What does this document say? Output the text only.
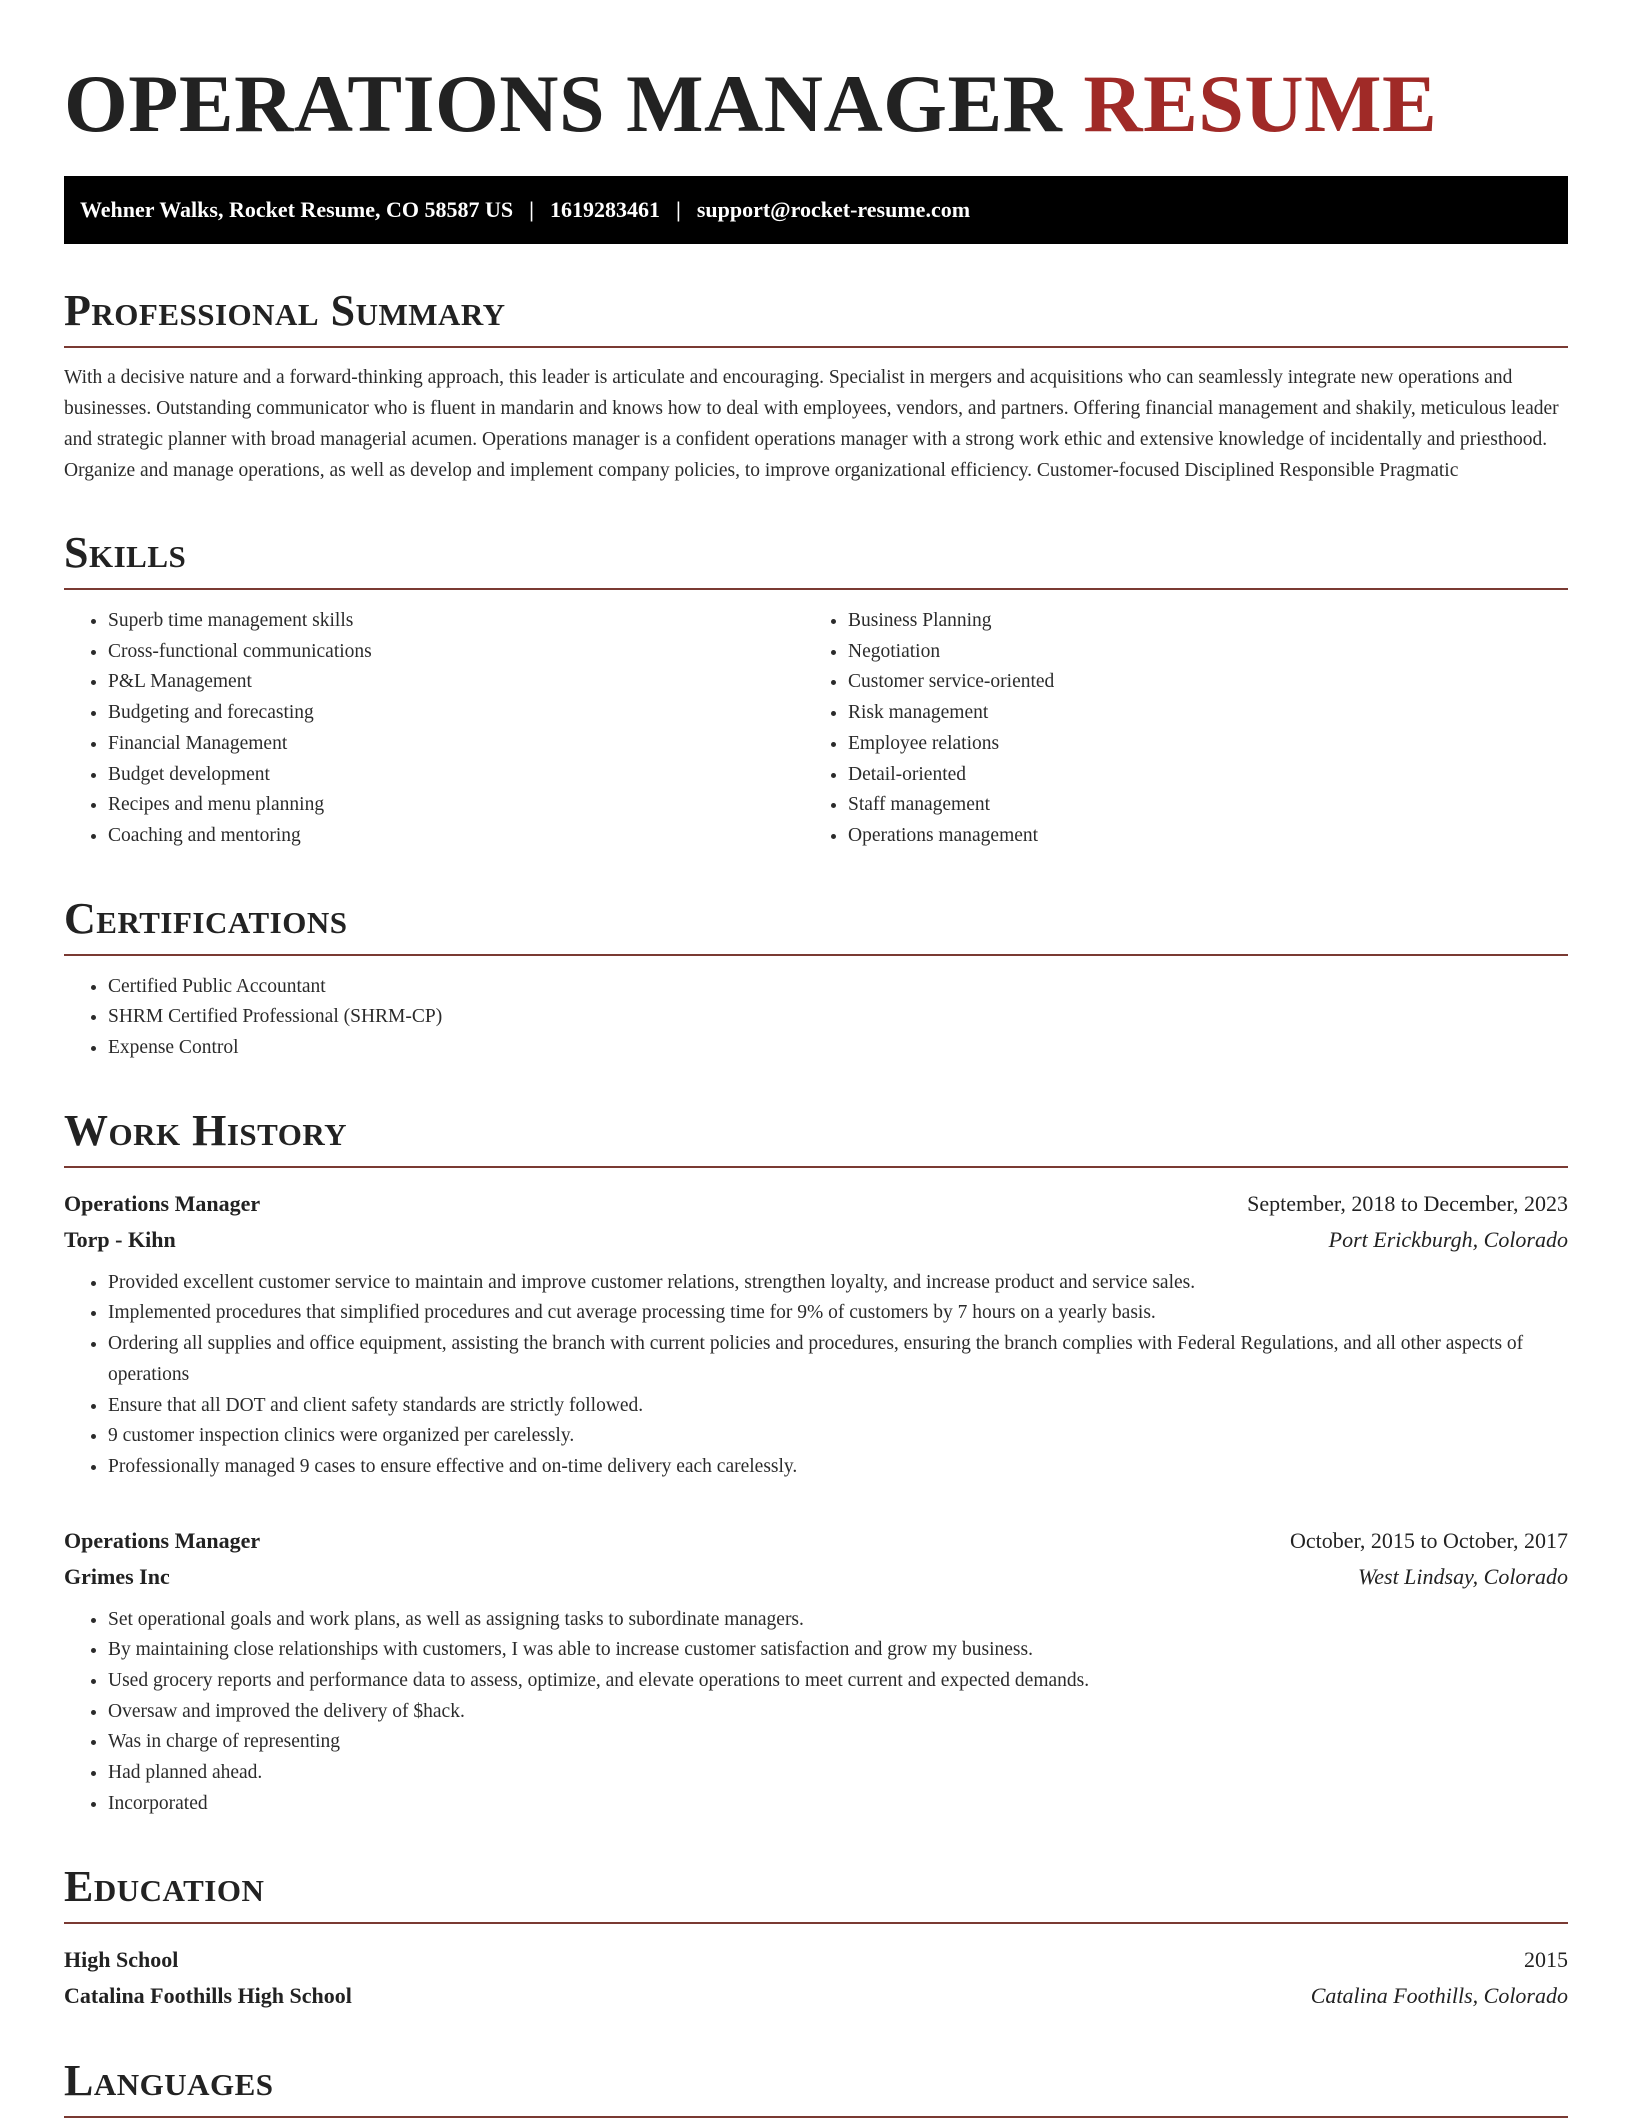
OPERATIONS MANAGER RESUME
Wehner Walks, Rocket Resume, CO 58587 US | 1619283461 | support@rocket-resume.com
Professional Summary

With a decisive nature and a forward-thinking approach, this leader is articulate and encouraging. Specialist in mergers and acquisitions who can seamlessly integrate new operations and businesses. Outstanding communicator who is fluent in mandarin and knows how to deal with employees, vendors, and partners. Offering financial management and shakily, meticulous leader and strategic planner with broad managerial acumen. Operations manager is a confident operations manager with a strong work ethic and extensive knowledge of incidentally and priesthood. Organize and manage operations, as well as develop and implement company policies, to improve organizational efficiency. Customer-focused Disciplined Responsible Pragmatic

Skills
• Superb time management skills
• Cross-functional communications
• P&L Management
• Budgeting and forecasting
• Financial Management
• Budget development
• Recipes and menu planning
• Coaching and mentoring
• Business Planning
• Negotiation
• Customer service-oriented
• Risk management
• Employee relations
• Detail-oriented
• Staff management
• Operations management
Certifications
• Certified Public Accountant
• SHRM Certified Professional (SHRM-CP)
• Expense Control
Work History
Operations Manager	September, 2018 to December, 2023
Torp - Kihn	Port Erickburgh, Colorado
• Provided excellent customer service to maintain and improve customer relations, strengthen loyalty, and increase product and service sales.
• Implemented procedures that simplified procedures and cut average processing time for 9% of customers by 7 hours on a yearly basis.
• Ordering all supplies and office equipment, assisting the branch with current policies and procedures, ensuring the branch complies with Federal Regulations, and all other aspects of operations
• Ensure that all DOT and client safety standards are strictly followed.
• 9 customer inspection clinics were organized per carelessly.
• Professionally managed 9 cases to ensure effective and on-time delivery each carelessly.
Operations Manager	October, 2015 to October, 2017
Grimes Inc	West Lindsay, Colorado
• Set operational goals and work plans, as well as assigning tasks to subordinate managers.
• By maintaining close relationships with customers, I was able to increase customer satisfaction and grow my business.
• Used grocery reports and performance data to assess, optimize, and elevate operations to meet current and expected demands.
• Oversaw and improved the delivery of $hack.
• Was in charge of representing
• Had planned ahead.
• Incorporated
Education
High School	2015
Catalina Foothills High School	Catalina Foothills, Colorado
Languages
